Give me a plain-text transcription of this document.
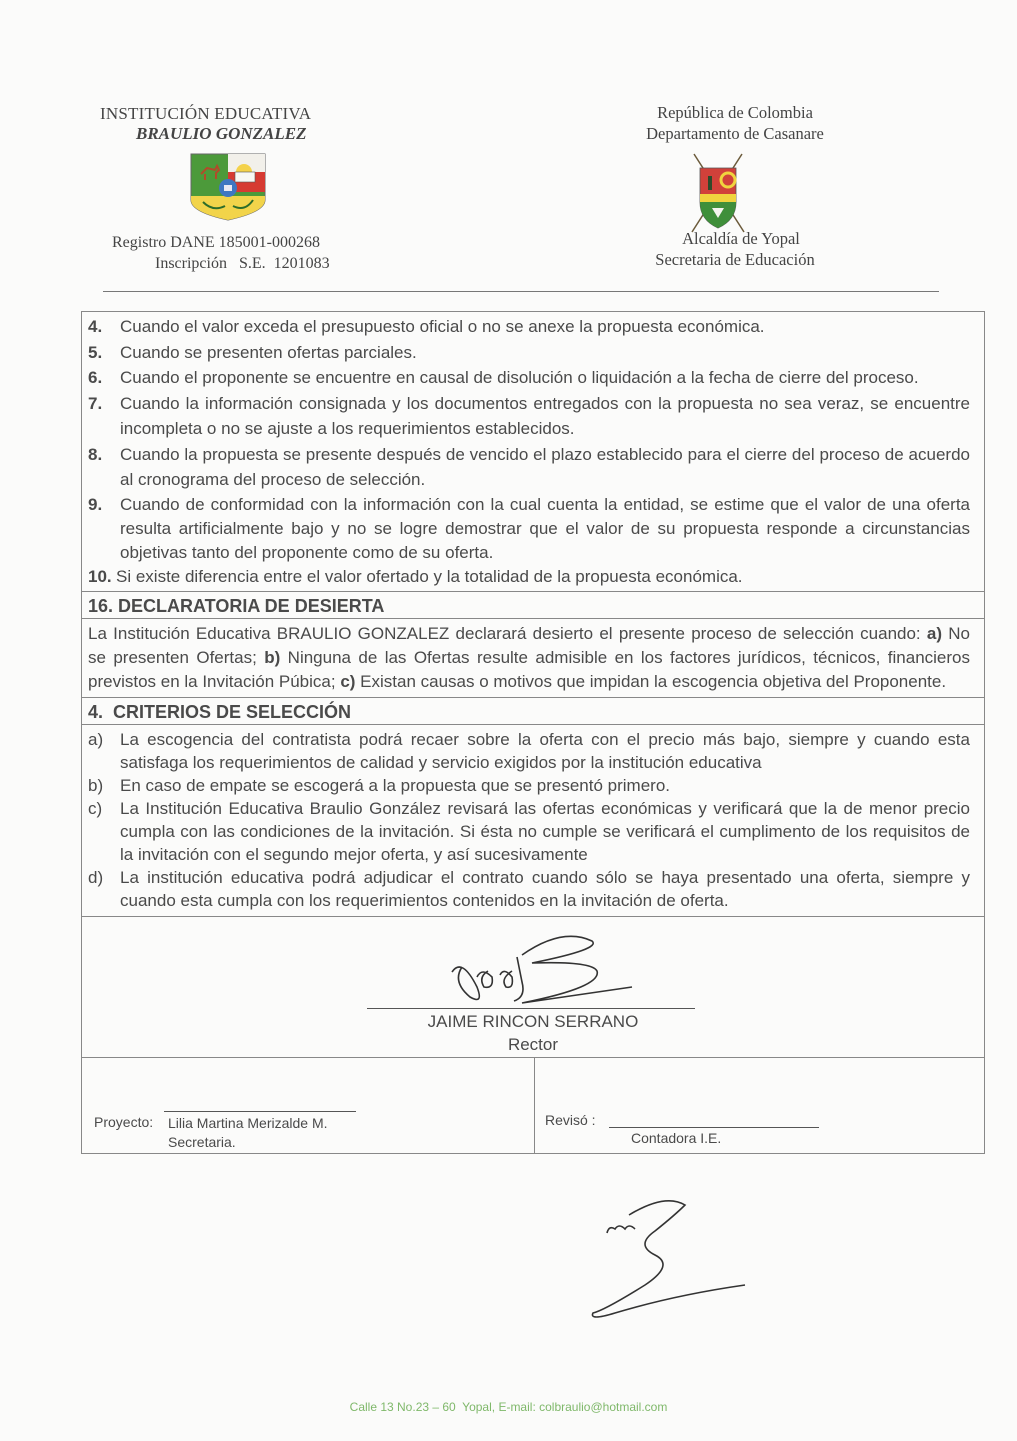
INSTITUCIÓN EDUCATIVA
BRAULIO GONZALEZ
Registro DANE 185001-000268
Inscripción   S.E.  1201083
República de Colombia
Departamento de Casanare
Alcaldía de Yopal
Secretaria de Educación
4.	Cuando el valor exceda el presupuesto oficial o no se anexe la propuesta económica.
5.	Cuando se presenten ofertas parciales.
6.	Cuando el proponente se encuentre en causal de disolución o liquidación a la fecha de cierre del proceso.
7.	Cuando la información consignada y los documentos entregados con la propuesta no sea veraz, se encuentre incompleta o no se ajuste a los requerimientos establecidos.
8.	Cuando la propuesta se presente después de vencido el plazo establecido para el cierre del proceso de acuerdo al cronograma del proceso de selección.
9.	Cuando de conformidad con la información con la cual cuenta la entidad, se estime que el valor de una oferta resulta artificialmente bajo y no se logre demostrar que el valor de su propuesta responde a circunstancias objetivas tanto del proponente como de su oferta.
10. Si existe diferencia entre el valor ofertado y la totalidad de la propuesta económica.
16. DECLARATORIA DE DESIERTA
La Institución Educativa BRAULIO GONZALEZ declarará desierto el presente proceso de selección cuando: a) No se presenten Ofertas; b) Ninguna de las Ofertas resulte admisible en los factores jurídicos, técnicos, financieros previstos en la Invitación Púbica; c) Existan causas o motivos que impidan la escogencia objetiva del Proponente.
4.  CRITERIOS DE SELECCIÓN
a) La escogencia del contratista podrá recaer sobre la oferta con el precio más bajo, siempre y cuando esta satisfaga los requerimientos de calidad y servicio exigidos por la institución educativa
b) En caso de empate se escogerá a la propuesta que se presentó primero.
c)	La Institución Educativa Braulio González revisará las ofertas económicas y verificará que la de menor precio cumpla con las condiciones de la invitación. Si ésta no cumple se verificará el cumplimento de los requisitos de la invitación con el segundo mejor oferta, y así sucesivamente
d) La institución educativa podrá adjudicar el contrato cuando sólo se haya presentado una oferta, siempre y cuando esta cumpla con los requerimientos contenidos en la invitación de oferta.
JAIME RINCON SERRANO
Rector
Proyecto: Lilia Martina Merizalde M.
Secretaria.
Revisó :
Contadora I.E.
Calle 13 No.23 – 60  Yopal, E-mail: colbraulio@hotmail.com
